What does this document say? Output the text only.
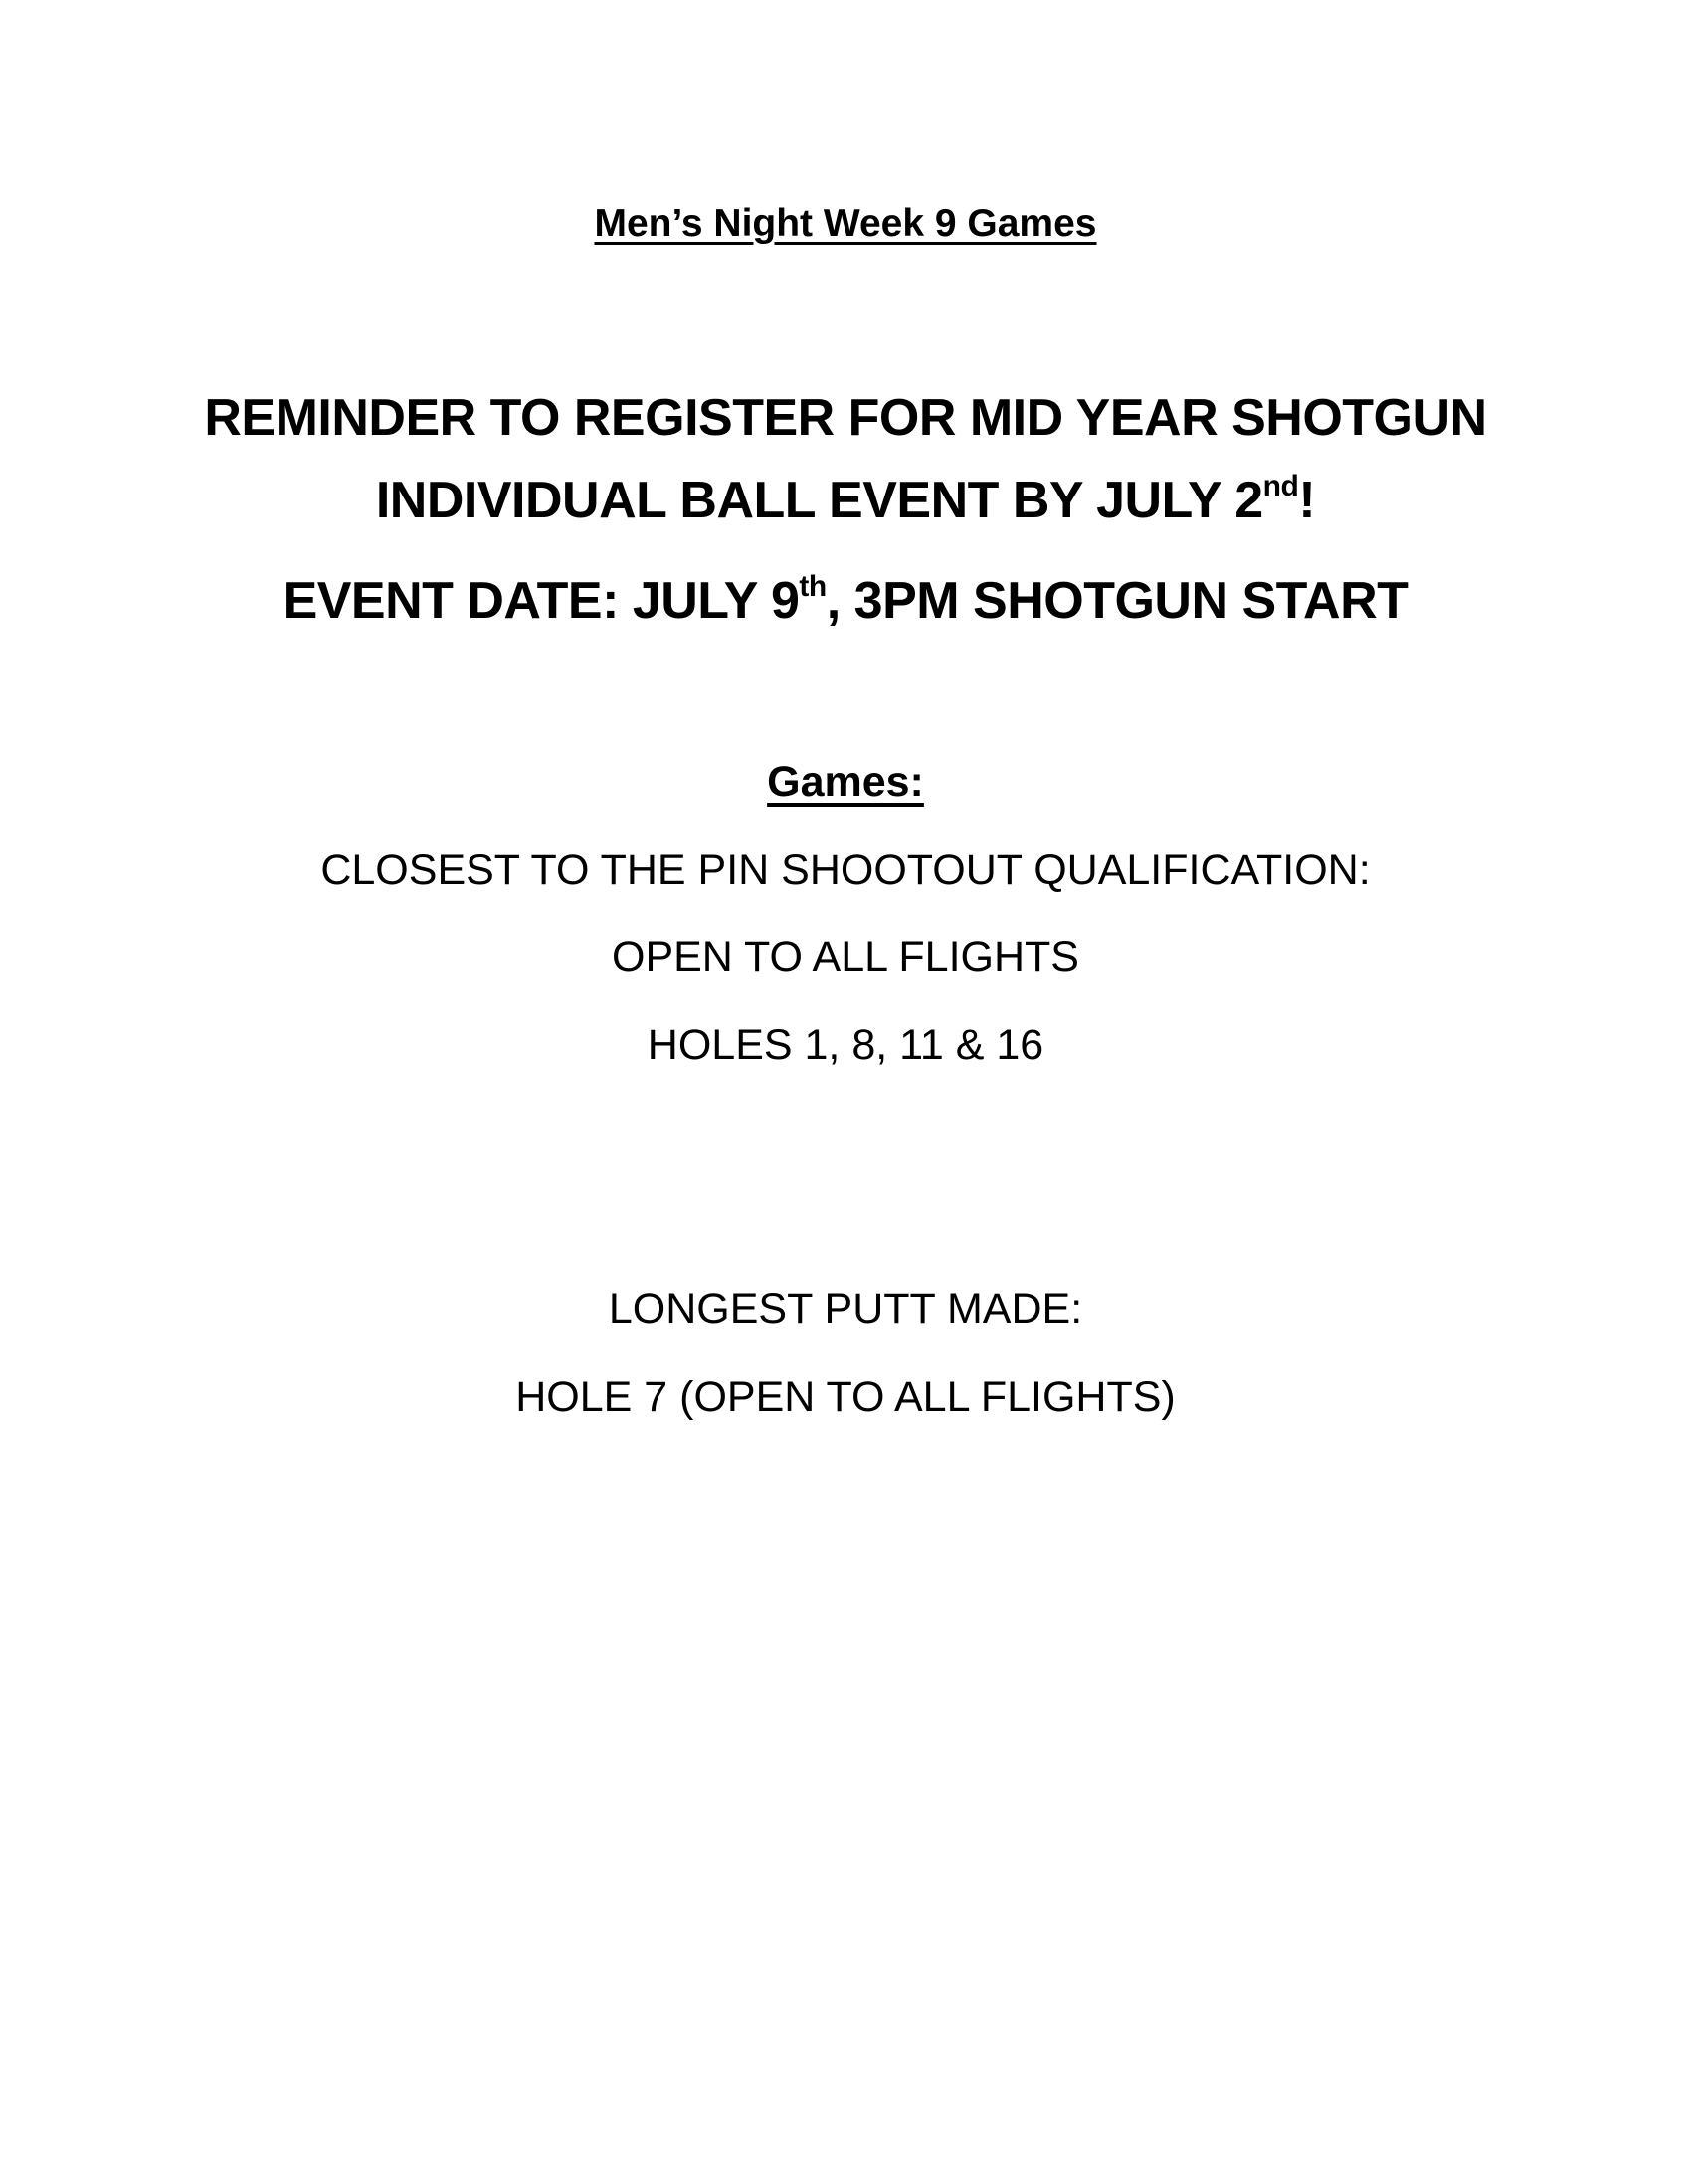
Men’s Night Week 9 Games
REMINDER TO REGISTER FOR MID YEAR SHOTGUN
INDIVIDUAL BALL EVENT BY JULY 2nd!
EVENT DATE: JULY 9th, 3PM SHOTGUN START
Games:
CLOSEST TO THE PIN SHOOTOUT QUALIFICATION:
OPEN TO ALL FLIGHTS
HOLES 1, 8, 11 & 16
LONGEST PUTT MADE:
HOLE 7 (OPEN TO ALL FLIGHTS)
